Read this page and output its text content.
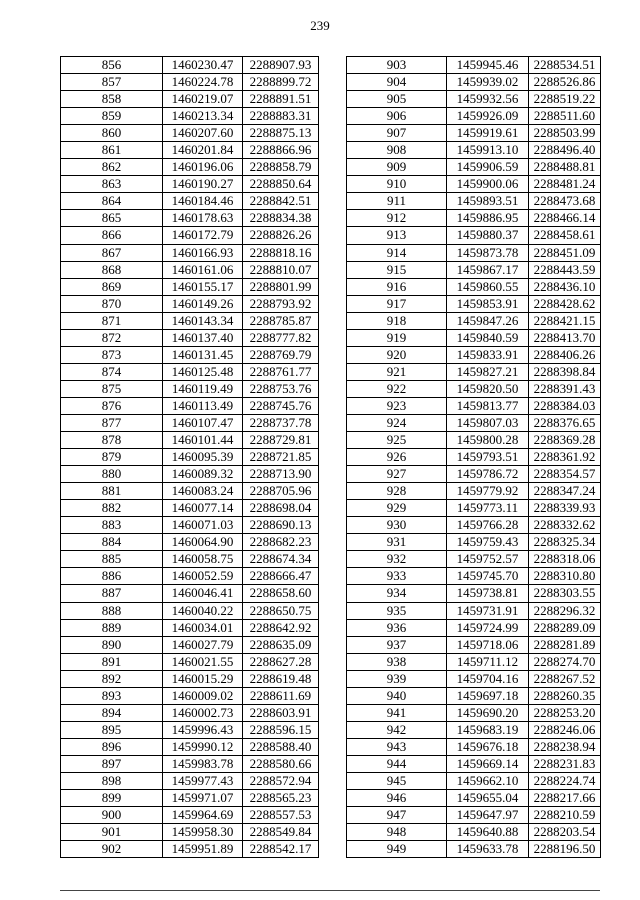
239
856	1460230.47	2288907.93
857	1460224.78	2288899.72
858	1460219.07	2288891.51
859	1460213.34	2288883.31
860	1460207.60	2288875.13
861	1460201.84	2288866.96
862	1460196.06	2288858.79
863	1460190.27	2288850.64
864	1460184.46	2288842.51
865	1460178.63	2288834.38
866	1460172.79	2288826.26
867	1460166.93	2288818.16
868	1460161.06	2288810.07
869	1460155.17	2288801.99
870	1460149.26	2288793.92
871	1460143.34	2288785.87
872	1460137.40	2288777.82
873	1460131.45	2288769.79
874	1460125.48	2288761.77
875	1460119.49	2288753.76
876	1460113.49	2288745.76
877	1460107.47	2288737.78
878	1460101.44	2288729.81
879	1460095.39	2288721.85
880	1460089.32	2288713.90
881	1460083.24	2288705.96
882	1460077.14	2288698.04
883	1460071.03	2288690.13
884	1460064.90	2288682.23
885	1460058.75	2288674.34
886	1460052.59	2288666.47
887	1460046.41	2288658.60
888	1460040.22	2288650.75
889	1460034.01	2288642.92
890	1460027.79	2288635.09
891	1460021.55	2288627.28
892	1460015.29	2288619.48
893	1460009.02	2288611.69
894	1460002.73	2288603.91
895	1459996.43	2288596.15
896	1459990.12	2288588.40
897	1459983.78	2288580.66
898	1459977.43	2288572.94
899	1459971.07	2288565.23
900	1459964.69	2288557.53
901	1459958.30	2288549.84
902	1459951.89	2288542.17
903	1459945.46	2288534.51
904	1459939.02	2288526.86
905	1459932.56	2288519.22
906	1459926.09	2288511.60
907	1459919.61	2288503.99
908	1459913.10	2288496.40
909	1459906.59	2288488.81
910	1459900.06	2288481.24
911	1459893.51	2288473.68
912	1459886.95	2288466.14
913	1459880.37	2288458.61
914	1459873.78	2288451.09
915	1459867.17	2288443.59
916	1459860.55	2288436.10
917	1459853.91	2288428.62
918	1459847.26	2288421.15
919	1459840.59	2288413.70
920	1459833.91	2288406.26
921	1459827.21	2288398.84
922	1459820.50	2288391.43
923	1459813.77	2288384.03
924	1459807.03	2288376.65
925	1459800.28	2288369.28
926	1459793.51	2288361.92
927	1459786.72	2288354.57
928	1459779.92	2288347.24
929	1459773.11	2288339.93
930	1459766.28	2288332.62
931	1459759.43	2288325.34
932	1459752.57	2288318.06
933	1459745.70	2288310.80
934	1459738.81	2288303.55
935	1459731.91	2288296.32
936	1459724.99	2288289.09
937	1459718.06	2288281.89
938	1459711.12	2288274.70
939	1459704.16	2288267.52
940	1459697.18	2288260.35
941	1459690.20	2288253.20
942	1459683.19	2288246.06
943	1459676.18	2288238.94
944	1459669.14	2288231.83
945	1459662.10	2288224.74
946	1459655.04	2288217.66
947	1459647.97	2288210.59
948	1459640.88	2288203.54
949	1459633.78	2288196.50
